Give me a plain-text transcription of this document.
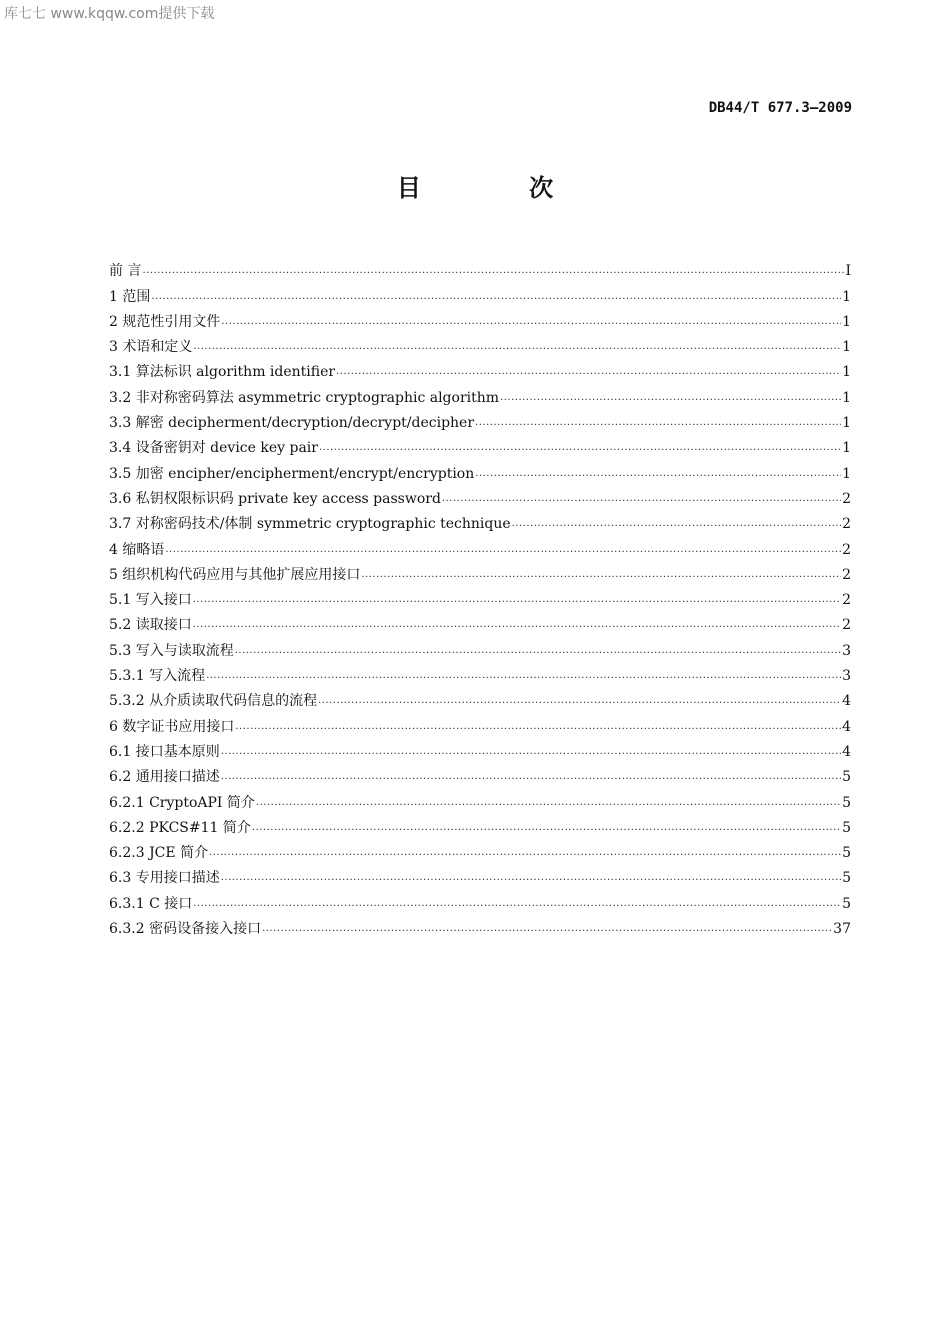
库七七 www.kqqw.com提供下载
DB44/T 677.3—2009
目 次
前 言 .....	I
1 范围 .....	1
2 规范性引用文件 .....	1
3 术语和定义 .....	1
3.1 算法标识 algorithm identifier .....	1
3.2 非对称密码算法 asymmetric cryptographic algorithm .....	1
3.3 解密 decipherment/decryption/decrypt/decipher .....	1
3.4 设备密钥对 device key pair .....	1
3.5 加密 encipher/encipherment/encrypt/encryption .....	1
3.6 私钥权限标识码 private key access password .....	2
3.7 对称密码技术/体制 symmetric cryptographic technique .....	2
4 缩略语 .....	2
5 组织机构代码应用与其他扩展应用接口 .....	2
5.1 写入接口 .....	2
5.2 读取接口 .....	2
5.3 写入与读取流程 .....	3
5.3.1 写入流程 .....	3
5.3.2 从介质读取代码信息的流程 .....	4
6 数字证书应用接口 .....	4
6.1 接口基本原则 .....	4
6.2 通用接口描述 .....	5
6.2.1 CryptoAPI 简介 .....	5
6.2.2 PKCS#11 简介 .....	5
6.2.3 JCE 简介 .....	5
6.3 专用接口描述 .....	5
6.3.1 C 接口 .....	5
6.3.2 密码设备接入接口 .....	37
